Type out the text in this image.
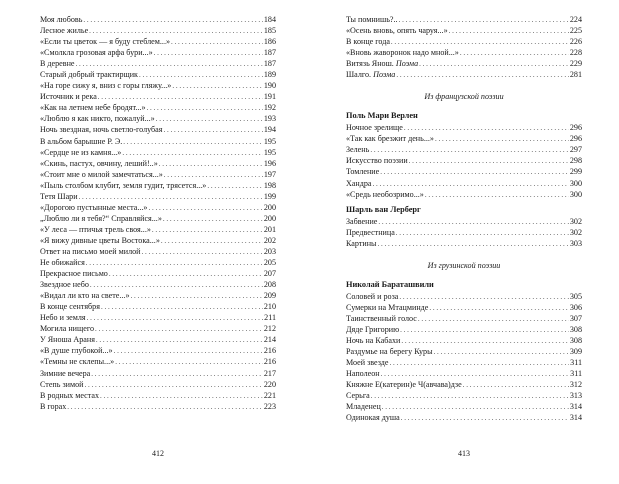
Моя любовь . . .	184
Лесное жилье . . .	185
«Если ты цветок — я буду стеблем...» . . .	186
«Смолкла грозовая арфа бури...» . . .	187
В деревне . . .	187
Старый добрый трактирщик . . .	189
«На горе сижу я, вниз с горы гляжу...» . . .	190
Источник и река . . .	191
«Как на летнем небе бродят...» . . .	192
«Люблю я как никто, пожалуй...» . . .	193
Ночь звездная, ночь светло-голубая . . .	194
В альбом барышне Р. Э. . . .	195
«Сердце не из камня...» . . .	195
«Скинь, пастух, овчину, леший!..» . . .	196
«Стоит мне о милой замечтаться...» . . .	197
«Пыль столбом клубит, земля гудит, трясется...» . . .	198
Тетя Шари . . .	199
«Дорогою пустынные места...» . . .	200
„Люблю ли я тебя?“ Справляйся...» . . .	200
«У леса — птичья трель своя...» . . .	201
«Я вижу дивные цветы Востока...» . . .	202
Ответ на письмо моей милой . . .	203
Не обижайся . . .	205
Прекрасное письмо . . .	207
Звездное небо . . .	208
«Видал ли кто на свете...» . . .	209
В конце сентября . . .	210
Небо и земля . . .	211
Могила нищего . . .	212
У Янoша Араня . . .	214
«В душе глубокой...» . . .	216
«Темны не склепы...» . . .	216
Зимние вечера . . .	217
Степь зимой . . .	220
В родных местах . . .	221
В горах . . .	223
412
Ты помнишь?.. . . .	224
«Осень вновь, опять чаруя...» . . .	225
В конце года . . .	226
«Вновь жаворонок надо мной...» . . .	228
Витязь Янош. Поэма . . .	229
Шалго. Поэма . . .	281
Из французской поэзии
Поль Мари Верлен
Ночное зрелище . . .	296
«Так как брезжит день...» . . .	296
Зелень . . .	297
Искусство поэзии . . .	298
Томление . . .	299
Хандра . . .	300
«Средь необозримо...» . . .	300
Шарль ван Лерберг
Забвение . . .	302
Предвестница . . .	302
Картины . . .	303
Из грузинской поэзии
Николай Бараташвили
Соловей и роза . . .	305
Сумерки на Мтацминде . . .	306
Таинственный голос . . .	307
Дяде Григорию . . .	308
Ночь на Кабахи . . .	308
Раздумье на берегу Куры . . .	309
Моей звезде . . .	311
Наполеон . . .	311
Княжне Е(катерин)е Ч(авчава)дзе . . .	312
Серьга . . .	313
Младенец . . .	314
Одинокая душа . . .	314
413
